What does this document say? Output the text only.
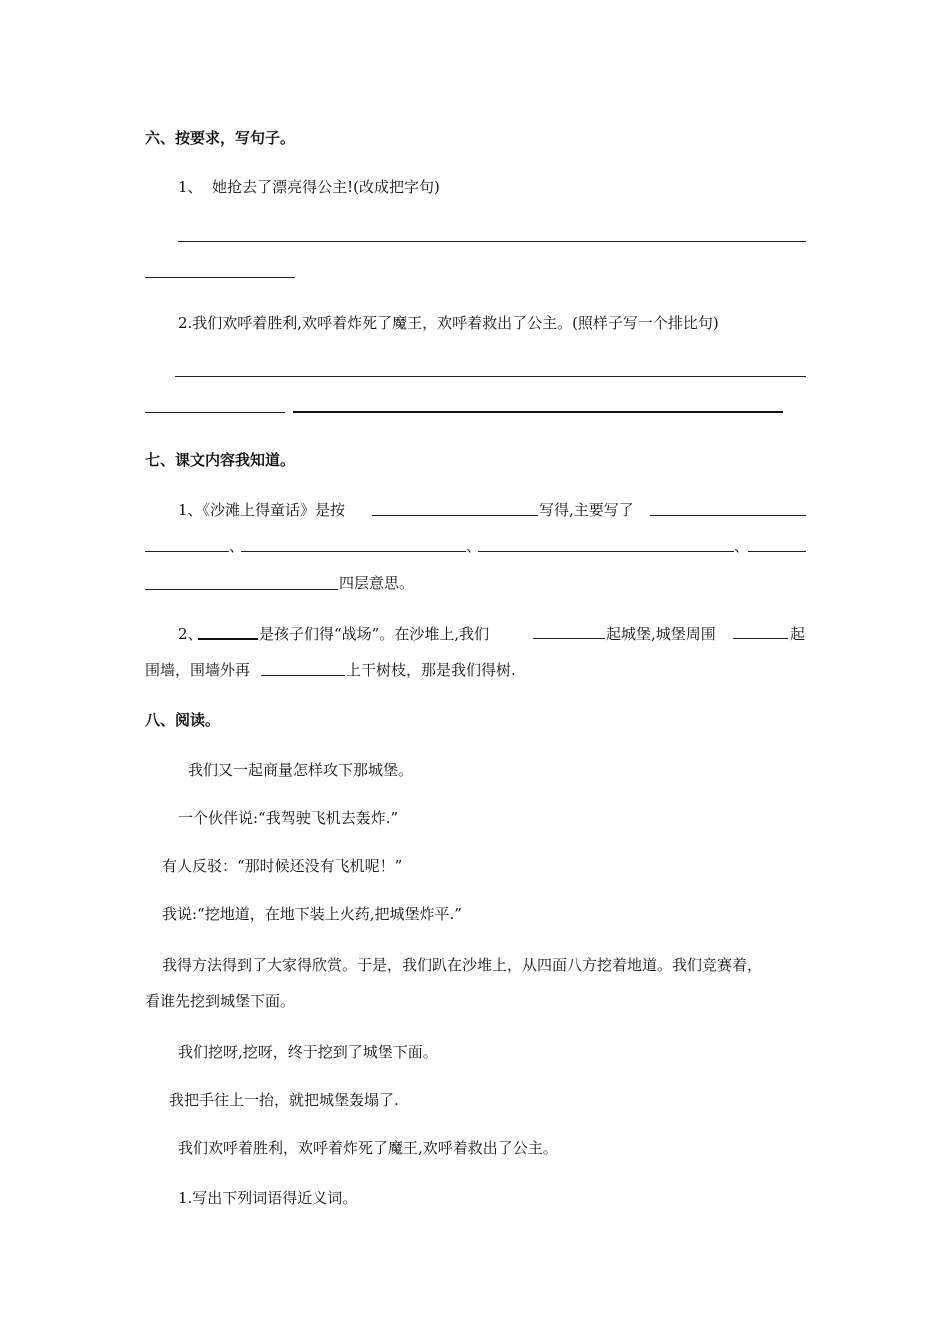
六、按要求，写句子。
1、  她抢去了漂亮得公主!(改成把字句)
2.我们欢呼着胜利,欢呼着炸死了魔王，欢呼着救出了公主。(照样子写一个排比句)
七、课文内容我知道。
1、《沙滩上得童话》是按	写得,主要写了
、	、	、
四层意思。
2、	是孩子们得“战场”。在沙堆上,我们	起城堡,城堡周围	起
围墙，围墙外再	上干树枝，那是我们得树.
八、阅读。
我们又一起商量怎样攻下那城堡。
一个伙伴说:“我驾驶飞机去轰炸.”
有人反驳：“那时候还没有飞机呢！”
我说:“挖地道，在地下装上火药,把城堡炸平.”
我得方法得到了大家得欣赏。于是，我们趴在沙堆上，从四面八方挖着地道。我们竞赛着，
看谁先挖到城堡下面。
我们挖呀,挖呀，终于挖到了城堡下面。
我把手往上一抬，就把城堡轰塌了.
我们欢呼着胜利，欢呼着炸死了魔王,欢呼着救出了公主。
1.写出下列词语得近义词。
